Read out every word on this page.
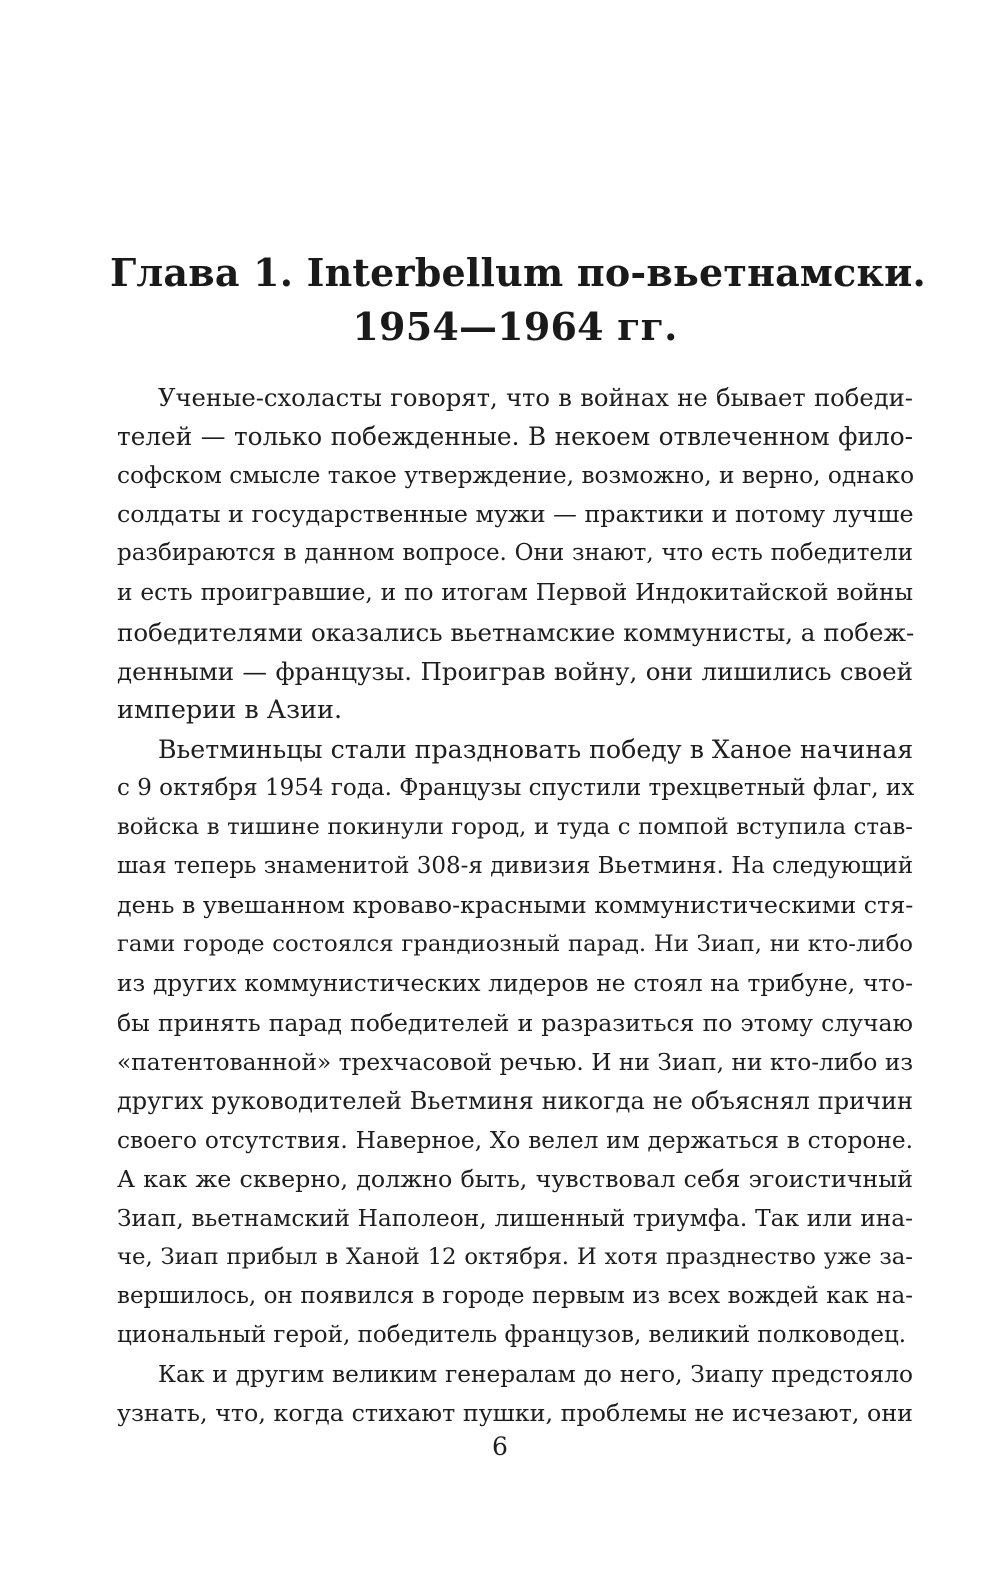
Глава 1. Interbellum по-вьетнамски.
1954—1964 гг.
Ученые-схоласты говорят, что в войнах не бывает победи-
телей — только побежденные. В некоем отвлеченном фило-
софском смысле такое утверждение, возможно, и верно, однако
солдаты и государственные мужи — практики и потому лучше
разбираются в данном вопросе. Они знают, что есть победители
и есть проигравшие, и по итогам Первой Индокитайской войны
победителями оказались вьетнамские коммунисты, а побеж-
денными — французы. Проиграв войну, они лишились своей
империи в Азии.
Вьетминьцы стали праздновать победу в Ханое начиная
с 9 октября 1954 года. Французы спустили трехцветный флаг, их
войска в тишине покинули город, и туда с помпой вступила став-
шая теперь знаменитой 308-я дивизия Вьетминя. На следующий
день в увешанном кроваво-красными коммунистическими стя-
гами городе состоялся грандиозный парад. Ни Зиап, ни кто-либо
из других коммунистических лидеров не стоял на трибуне, что-
бы принять парад победителей и разразиться по этому случаю
«патентованной» трехчасовой речью. И ни Зиап, ни кто-либо из
других руководителей Вьетминя никогда не объяснял причин
своего отсутствия. Наверное, Хо велел им держаться в стороне.
А как же скверно, должно быть, чувствовал себя эгоистичный
Зиап, вьетнамский Наполеон, лишенный триумфа. Так или ина-
че, Зиап прибыл в Ханой 12 октября. И хотя празднество уже за-
вершилось, он появился в городе первым из всех вождей как на-
циональный герой, победитель французов, великий полководец.
Как и другим великим генералам до него, Зиапу предстояло
узнать, что, когда стихают пушки, проблемы не исчезают, они
6
